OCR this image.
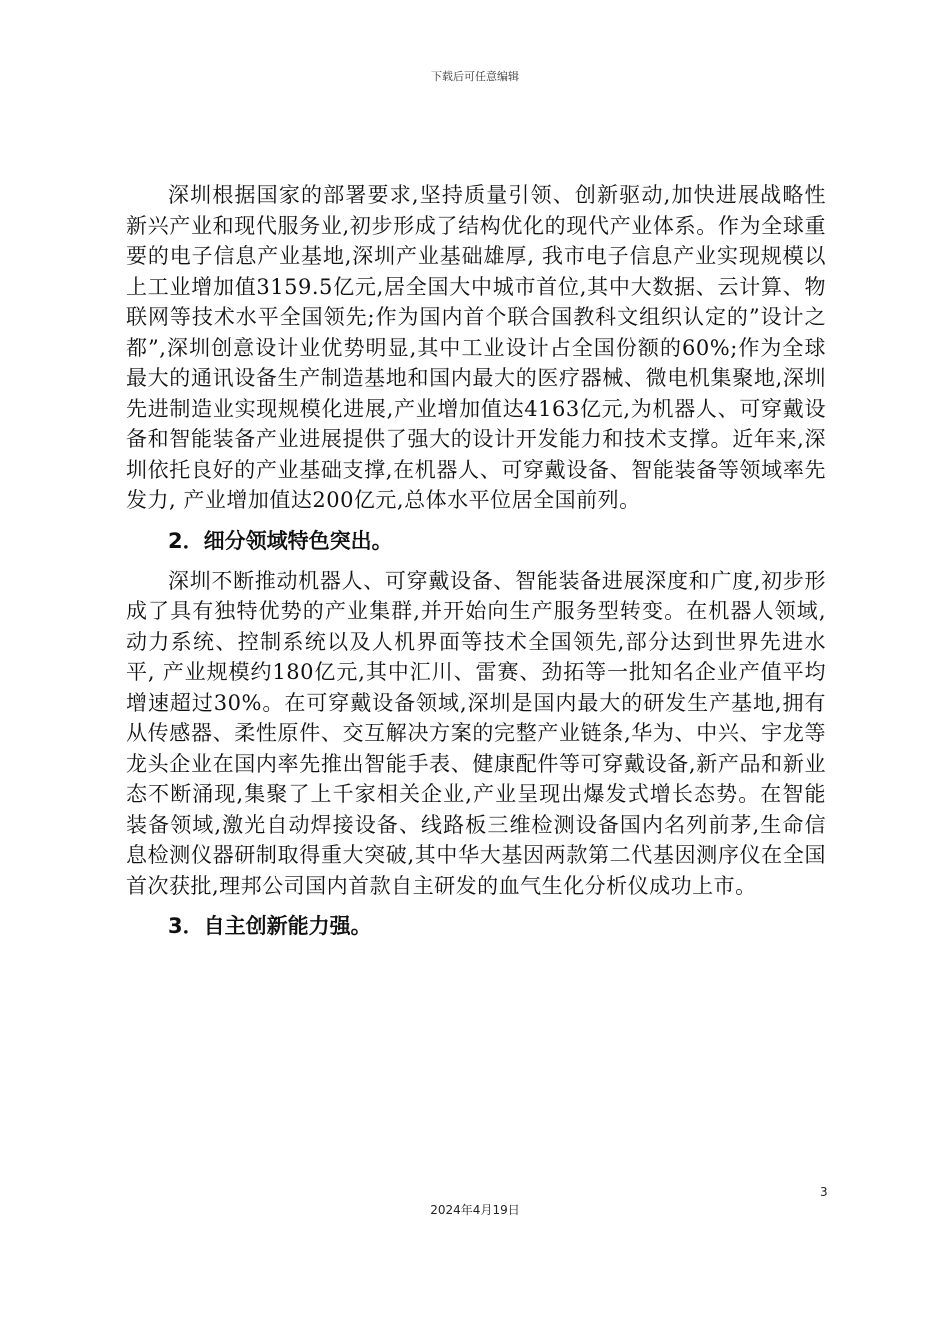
下载后可任意编辑

深圳根据国家的部署要求,坚持质量引领、创新驱动,加快进展战略性新兴产业和现代服务业,初步形成了结构优化的现代产业体系。作为全球重要的电子信息产业基地,深圳产业基础雄厚, 我市电子信息产业实现规模以上工业增加值3159.5亿元,居全国大中城市首位,其中大数据、云计算、物联网等技术水平全国领先;作为国内首个联合国教科文组织认定的”设计之都”,深圳创意设计业优势明显,其中工业设计占全国份额的60%;作为全球最大的通讯设备生产制造基地和国内最大的医疗器械、微电机集聚地,深圳先进制造业实现规模化进展,产业增加值达4163亿元,为机器人、可穿戴设备和智能装备产业进展提供了强大的设计开发能力和技术支撑。近年来,深圳依托良好的产业基础支撑,在机器人、可穿戴设备、智能装备等领域率先发力, 产业增加值达200亿元,总体水平位居全国前列。

2．细分领域特色突出。

深圳不断推动机器人、可穿戴设备、智能装备进展深度和广度,初步形成了具有独特优势的产业集群,并开始向生产服务型转变。在机器人领域,动力系统、控制系统以及人机界面等技术全国领先,部分达到世界先进水平, 产业规模约180亿元,其中汇川、雷赛、劲拓等一批知名企业产值平均增速超过30%。在可穿戴设备领域,深圳是国内最大的研发生产基地,拥有从传感器、柔性原件、交互解决方案的完整产业链条,华为、中兴、宇龙等龙头企业在国内率先推出智能手表、健康配件等可穿戴设备,新产品和新业态不断涌现,集聚了上千家相关企业,产业呈现出爆发式增长态势。在智能装备领域,激光自动焊接设备、线路板三维检测设备国内名列前茅,生命信息检测仪器研制取得重大突破,其中华大基因两款第二代基因测序仪在全国首次获批,理邦公司国内首款自主研发的血气生化分析仪成功上市。

3．自主创新能力强。

3
2024年4月19日
